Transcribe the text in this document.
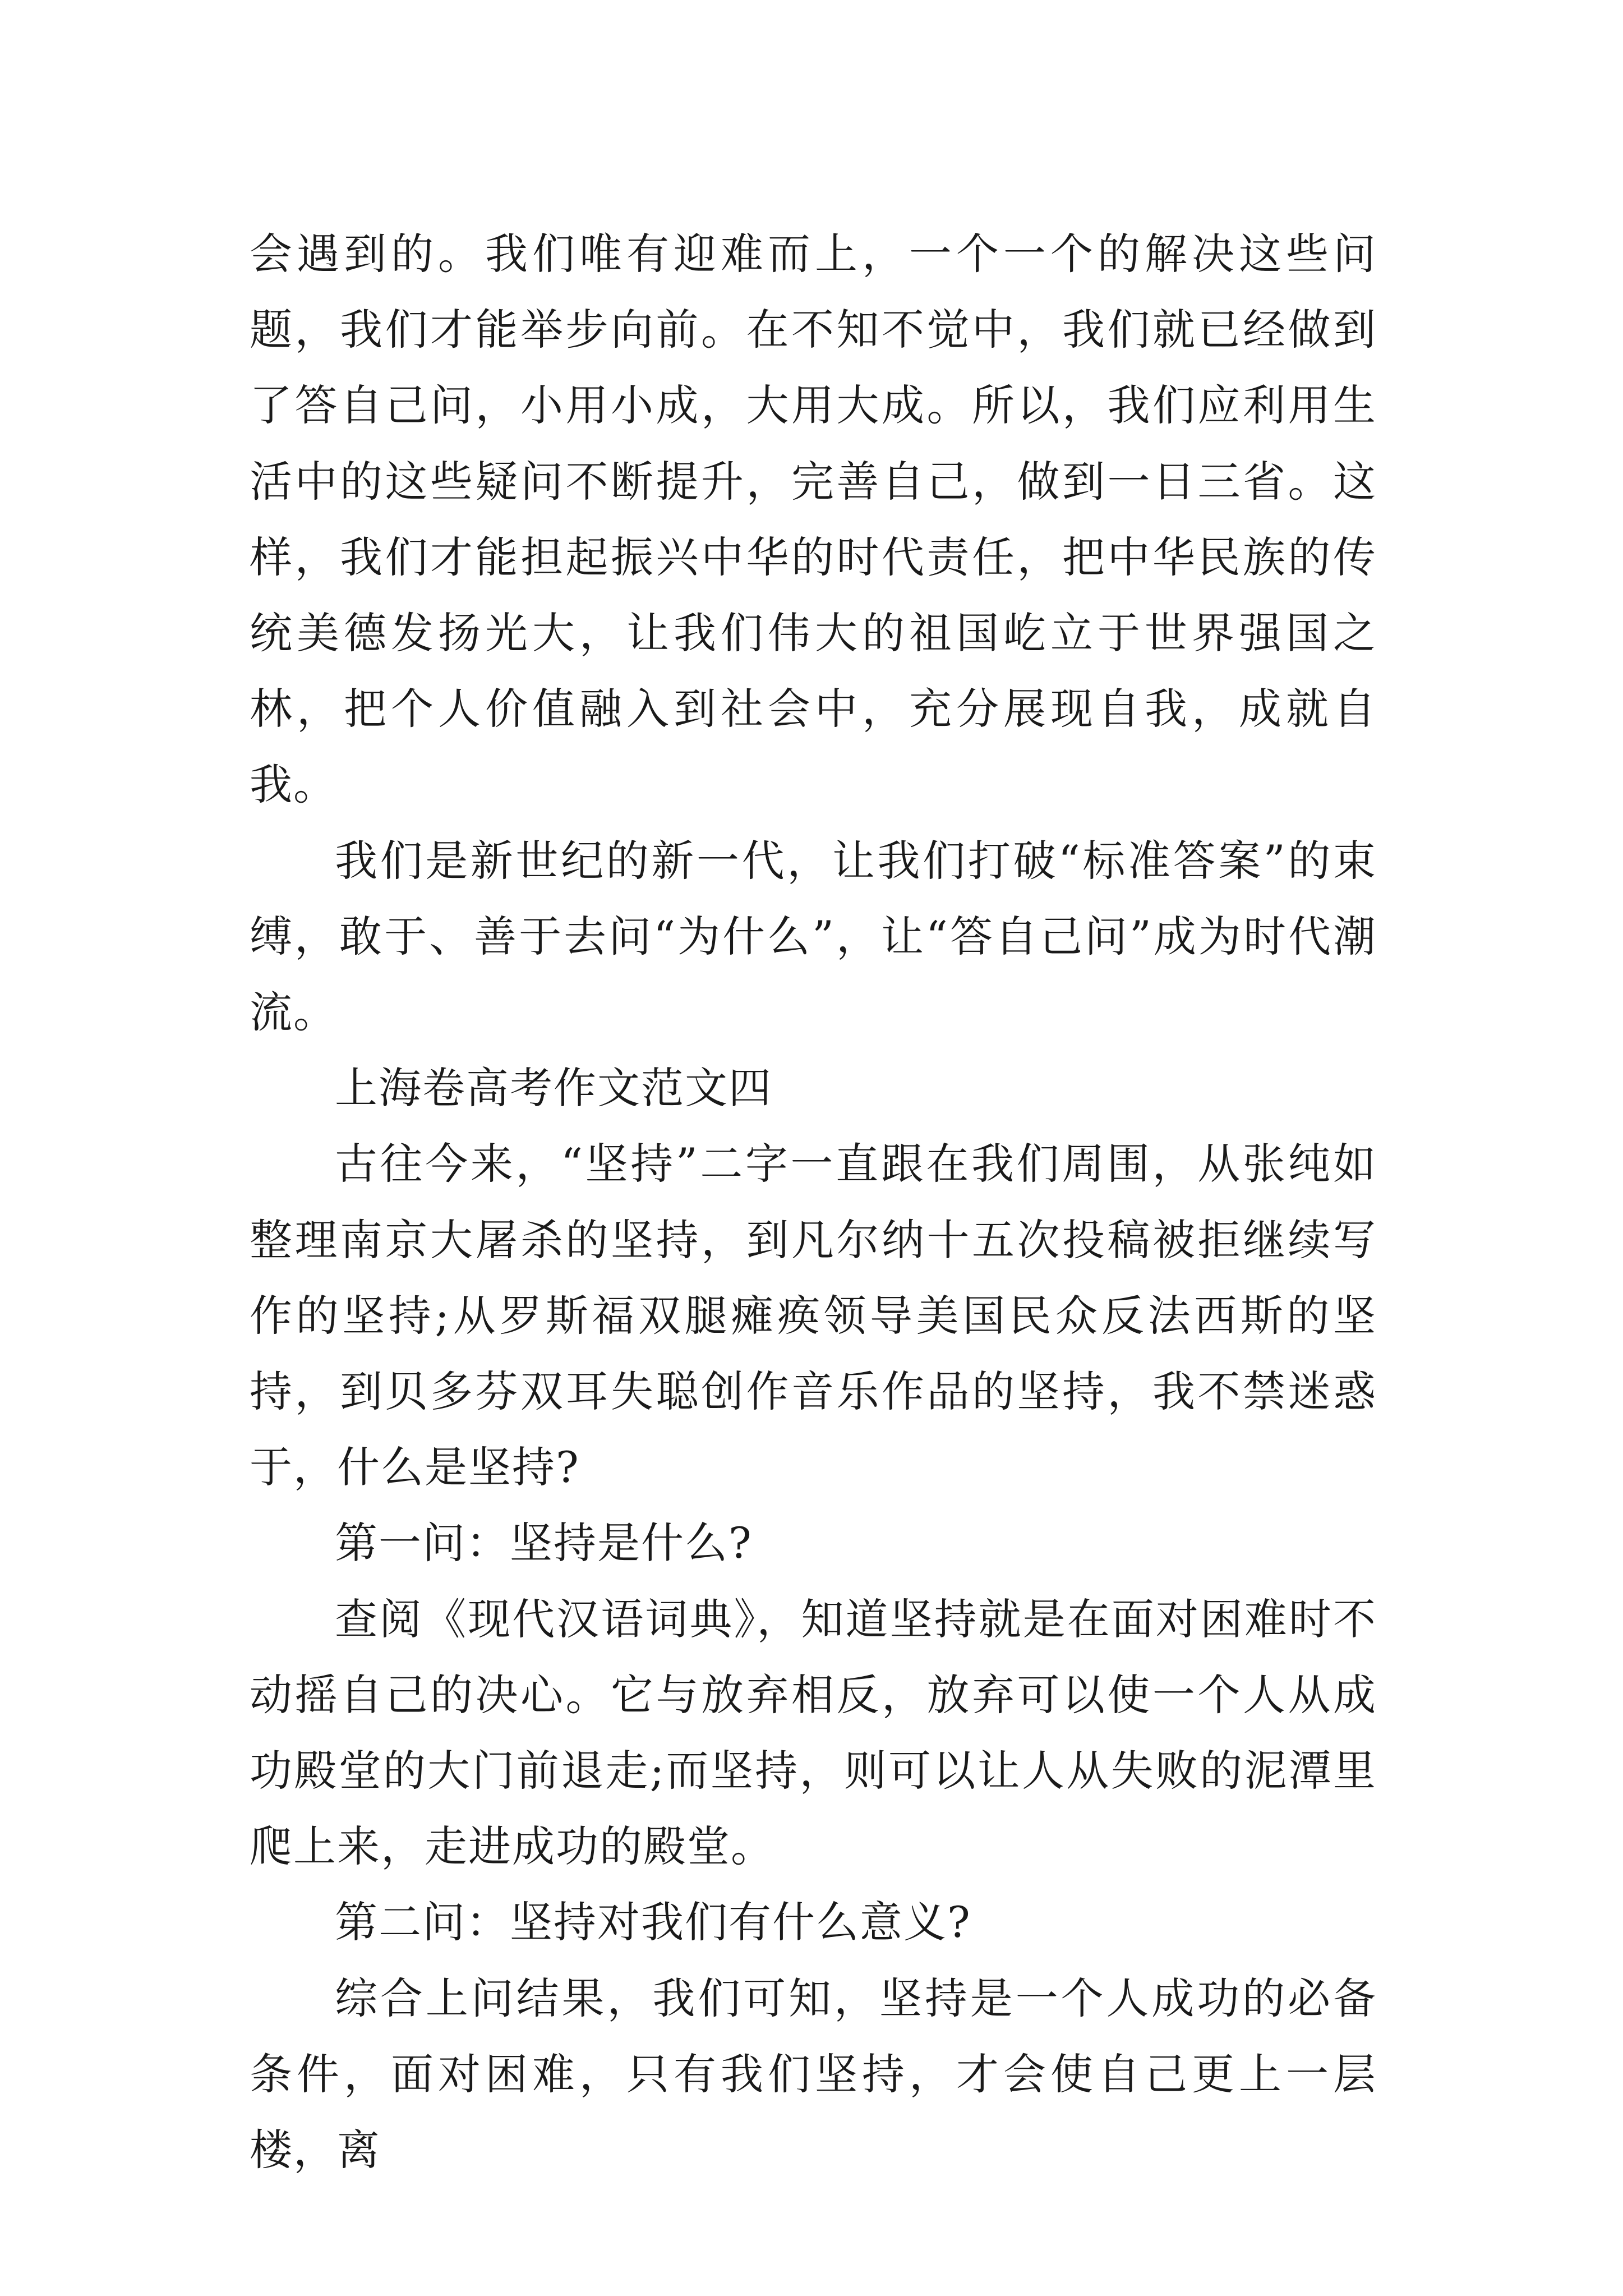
会遇到的。我们唯有迎难而上，一个一个的解决这些问题，我们才能举步向前。在不知不觉中，我们就已经做到了答自己问，小用小成，大用大成。所以，我们应利用生活中的这些疑问不断提升，完善自己，做到一日三省。这样，我们才能担起振兴中华的时代责任，把中华民族的传统美德发扬光大，让我们伟大的祖国屹立于世界强国之林，把个人价值融入到社会中，充分展现自我，成就自我。

我们是新世纪的新一代，让我们打破“标准答案”的束缚，敢于、善于去问“为什么”，让“答自己问”成为时代潮流。

上海卷高考作文范文四

古往今来，“坚持”二字一直跟在我们周围，从张纯如整理南京大屠杀的坚持，到凡尔纳十五次投稿被拒继续写作的坚持;从罗斯福双腿瘫痪领导美国民众反法西斯的坚持，到贝多芬双耳失聪创作音乐作品的坚持，我不禁迷惑于，什么是坚持?

第一问：坚持是什么?

查阅《现代汉语词典》，知道坚持就是在面对困难时不动摇自己的决心。它与放弃相反，放弃可以使一个人从成功殿堂的大门前退走;而坚持，则可以让人从失败的泥潭里爬上来，走进成功的殿堂。

第二问：坚持对我们有什么意义?

综合上问结果，我们可知，坚持是一个人成功的必备条件，面对困难，只有我们坚持，才会使自己更上一层楼，离
